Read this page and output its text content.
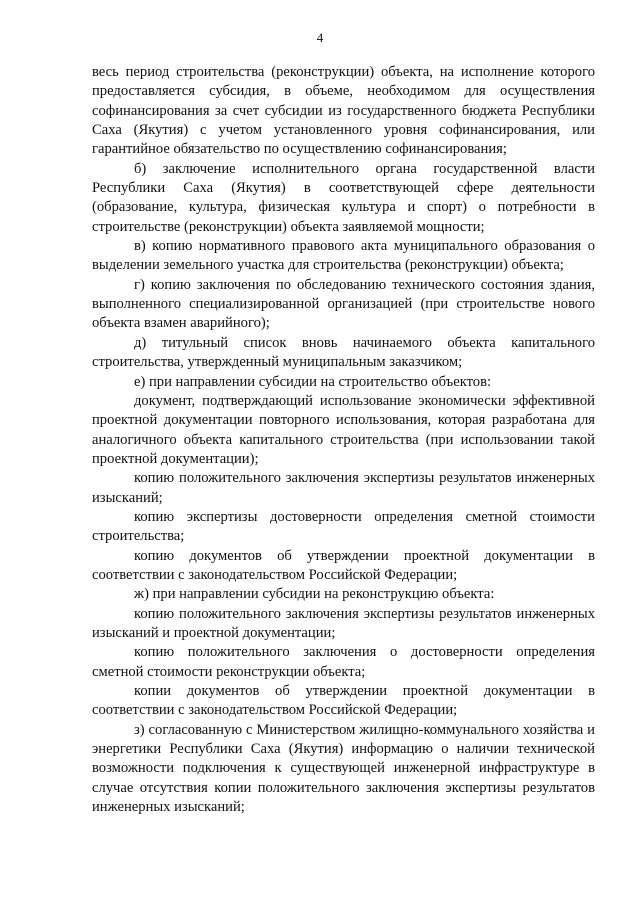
4

весь период строительства (реконструкции) объекта, на исполнение которого предоставляется субсидия, в объеме, необходимом для осуществления софинансирования за счет субсидии из государственного бюджета Республики Саха (Якутия) с учетом установленного уровня софинансирования, или гарантийное обязательство по осуществлению софинансирования;

б) заключение исполнительного органа государственной власти Республики Саха (Якутия) в соответствующей сфере деятельности (образование, культура, физическая культура и спорт) о потребности в строительстве (реконструкции) объекта заявляемой мощности;

в) копию нормативного правового акта муниципального образования о выделении земельного участка для строительства (реконструкции) объекта;

г) копию заключения по обследованию технического состояния здания, выполненного специализированной организацией (при строительстве нового объекта взамен аварийного);

д) титульный список вновь начинаемого объекта капитального строительства, утвержденный муниципальным заказчиком;

е) при направлении субсидии на строительство объектов:

документ, подтверждающий использование экономически эффективной проектной документации повторного использования, которая разработана для аналогичного объекта капитального строительства (при использовании такой проектной документации);

копию положительного заключения экспертизы результатов инженерных изысканий;

копию экспертизы достоверности определения сметной стоимости строительства;

копию документов об утверждении проектной документации в соответствии с законодательством Российской Федерации;

ж) при направлении субсидии на реконструкцию объекта:

копию положительного заключения экспертизы результатов инженерных изысканий и проектной документации;

копию положительного заключения о достоверности определения сметной стоимости реконструкции объекта;

копии документов об утверждении проектной документации в соответствии с законодательством Российской Федерации;

з) согласованную с Министерством жилищно-коммунального хозяйства и энергетики Республики Саха (Якутия) информацию о наличии технической возможности подключения к существующей инженерной инфраструктуре в случае отсутствия копии положительного заключения экспертизы результатов инженерных изысканий;
